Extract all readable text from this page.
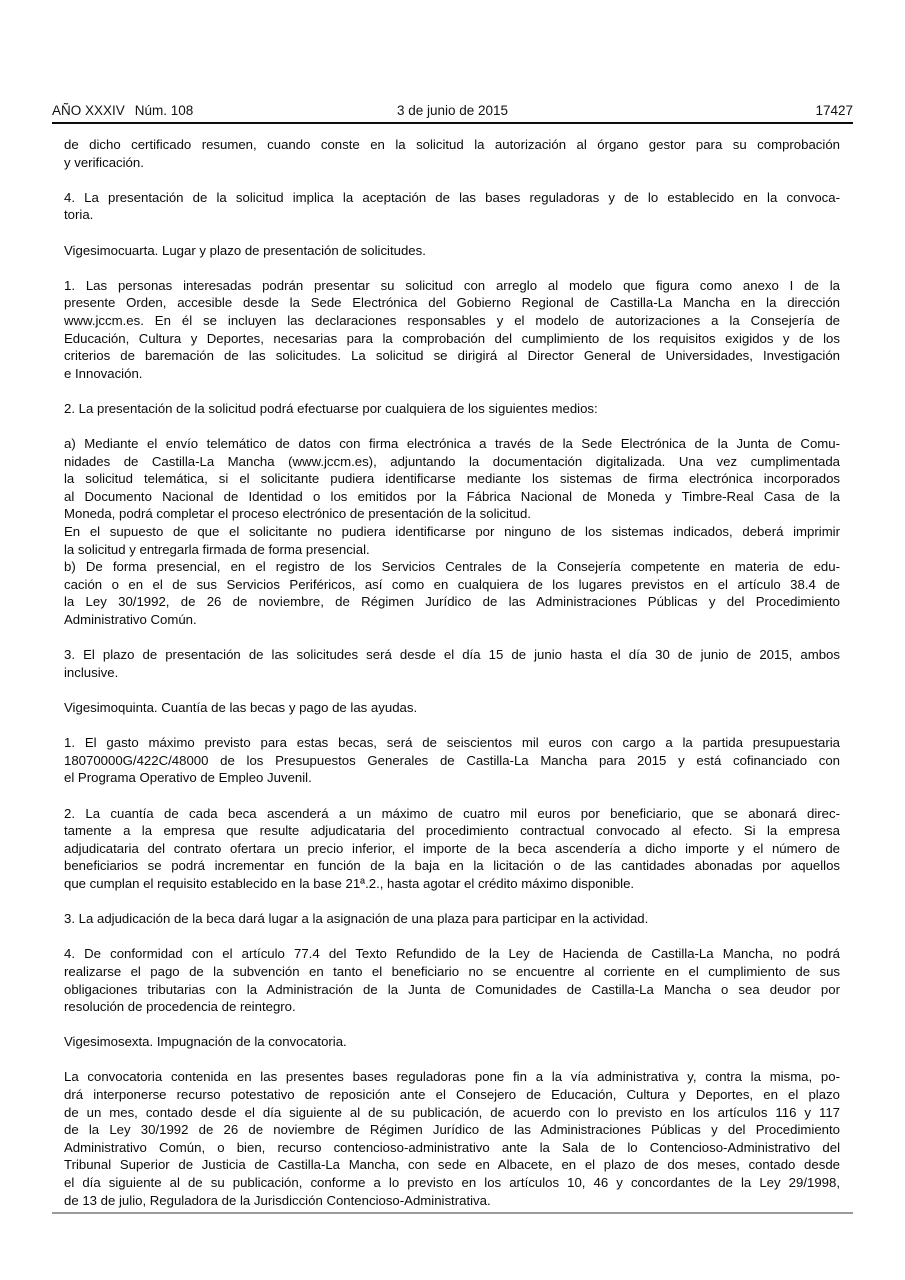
AÑO XXXIV Núm. 108	3 de junio de 2015	17427
de dicho certificado resumen, cuando conste en la solicitud la autorización al órgano gestor para su comprobación
y verificación.
4. La presentación de la solicitud implica la aceptación de las bases reguladoras y de lo establecido en la convoca-
toria.
Vigesimocuarta. Lugar y plazo de presentación de solicitudes.
1. Las personas interesadas podrán presentar su solicitud con arreglo al modelo que figura como anexo I de la
presente Orden, accesible desde la Sede Electrónica del Gobierno Regional de Castilla-La Mancha en la dirección
www.jccm.es. En él se incluyen las declaraciones responsables y el modelo de autorizaciones a la Consejería de
Educación, Cultura y Deportes, necesarias para la comprobación del cumplimiento de los requisitos exigidos y de los
criterios de baremación de las solicitudes. La solicitud se dirigirá al Director General de Universidades, Investigación
e Innovación.
2. La presentación de la solicitud podrá efectuarse por cualquiera de los siguientes medios:
a) Mediante el envío telemático de datos con firma electrónica a través de la Sede Electrónica de la Junta de Comu-
nidades de Castilla-La Mancha (www.jccm.es), adjuntando la documentación digitalizada. Una vez cumplimentada
la solicitud telemática, si el solicitante pudiera identificarse mediante los sistemas de firma electrónica incorporados
al Documento Nacional de Identidad o los emitidos por la Fábrica Nacional de Moneda y Timbre-Real Casa de la
Moneda, podrá completar el proceso electrónico de presentación de la solicitud.
En el supuesto de que el solicitante no pudiera identificarse por ninguno de los sistemas indicados, deberá imprimir
la solicitud y entregarla firmada de forma presencial.
b) De forma presencial, en el registro de los Servicios Centrales de la Consejería competente en materia de edu-
cación o en el de sus Servicios Periféricos, así como en cualquiera de los lugares previstos en el artículo 38.4 de
la Ley 30/1992, de 26 de noviembre, de Régimen Jurídico de las Administraciones Públicas y del Procedimiento
Administrativo Común.
3. El plazo de presentación de las solicitudes será desde el día 15 de junio hasta el día 30 de junio de 2015, ambos
inclusive.
Vigesimoquinta. Cuantía de las becas y pago de las ayudas.
1. El gasto máximo previsto para estas becas, será de seiscientos mil euros con cargo a la partida presupuestaria
18070000G/422C/48000 de los Presupuestos Generales de Castilla-La Mancha para 2015 y está cofinanciado con
el Programa Operativo de Empleo Juvenil.
2. La cuantía de cada beca ascenderá a un máximo de cuatro mil euros por beneficiario, que se abonará direc-
tamente a la empresa que resulte adjudicataria del procedimiento contractual convocado al efecto. Si la empresa
adjudicataria del contrato ofertara un precio inferior, el importe de la beca ascendería a dicho importe y el número de
beneficiarios se podrá incrementar en función de la baja en la licitación o de las cantidades abonadas por aquellos
que cumplan el requisito establecido en la base 21ª.2., hasta agotar el crédito máximo disponible.
3. La adjudicación de la beca dará lugar a la asignación de una plaza para participar en la actividad.
4. De conformidad con el artículo 77.4 del Texto Refundido de la Ley de Hacienda de Castilla-La Mancha, no podrá
realizarse el pago de la subvención en tanto el beneficiario no se encuentre al corriente en el cumplimiento de sus
obligaciones tributarias con la Administración de la Junta de Comunidades de Castilla-La Mancha o sea deudor por
resolución de procedencia de reintegro.
Vigesimosexta. Impugnación de la convocatoria.
La convocatoria contenida en las presentes bases reguladoras pone fin a la vía administrativa y, contra la misma, po-
drá interponerse recurso potestativo de reposición ante el Consejero de Educación, Cultura y Deportes, en el plazo
de un mes, contado desde el día siguiente al de su publicación, de acuerdo con lo previsto en los artículos 116 y 117
de la Ley 30/1992 de 26 de noviembre de Régimen Jurídico de las Administraciones Públicas y del Procedimiento
Administrativo Común, o bien, recurso contencioso-administrativo ante la Sala de lo Contencioso-Administrativo del
Tribunal Superior de Justicia de Castilla-La Mancha, con sede en Albacete, en el plazo de dos meses, contado desde
el día siguiente al de su publicación, conforme a lo previsto en los artículos 10, 46 y concordantes de la Ley 29/1998,
de 13 de julio, Reguladora de la Jurisdicción Contencioso-Administrativa.
